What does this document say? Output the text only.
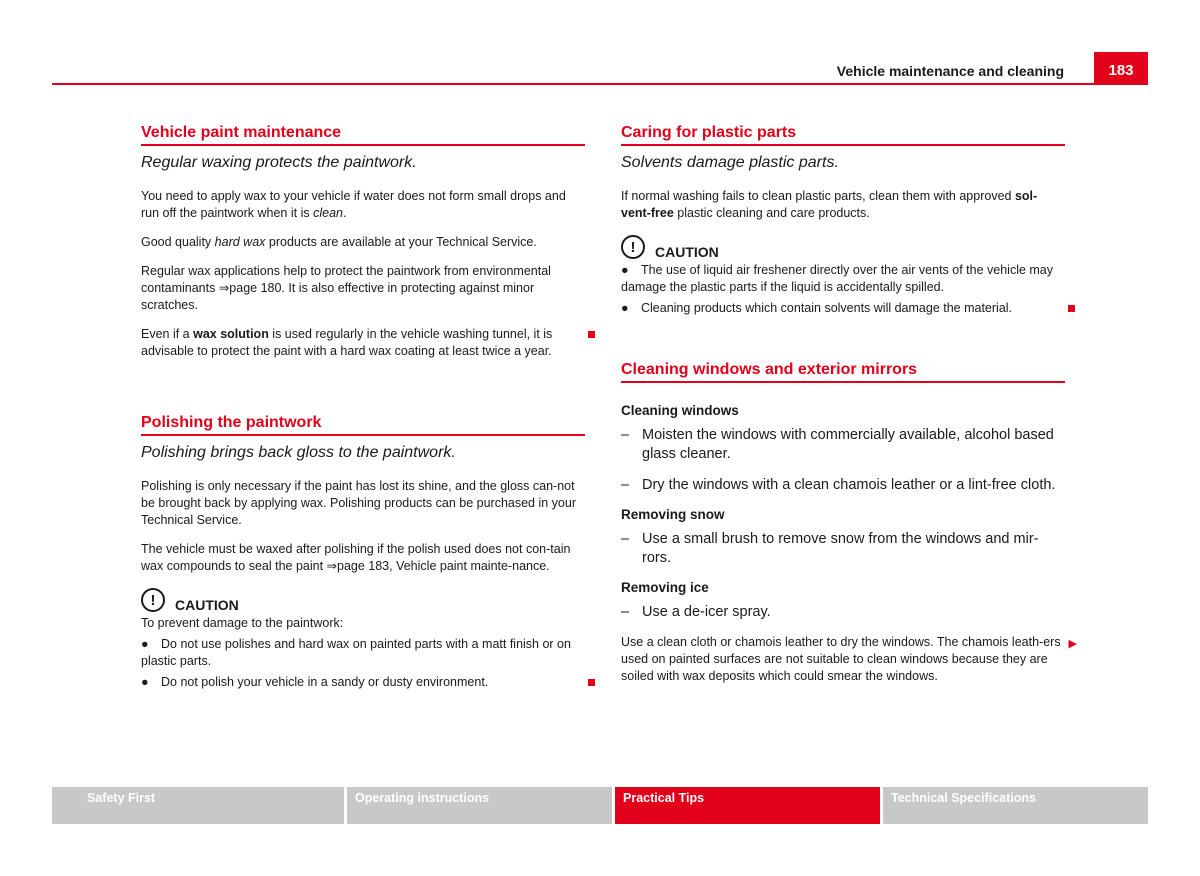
Vehicle maintenance and cleaning	183
Vehicle paint maintenance
Regular waxing protects the paintwork.

You need to apply wax to your vehicle if water does not form small drops and run off the paintwork when it is clean.

Good quality hard wax products are available at your Technical Service.

Regular wax applications help to protect the paintwork from environmental contaminants ⇒page 180. It is also effective in protecting against minor scratches.

Even if a wax solution is used regularly in the vehicle washing tunnel, it is advisable to protect the paint with a hard wax coating at least twice a year.

Polishing the paintwork
Polishing brings back gloss to the paintwork.

Polishing is only necessary if the paint has lost its shine, and the gloss can-not be brought back by applying wax. Polishing products can be purchased in your Technical Service.

The vehicle must be waxed after polishing if the polish used does not con-tain wax compounds to seal the paint ⇒page 183, Vehicle paint mainte-nance.

!	CAUTION

To prevent damage to the paintwork:

● Do not use polishes and hard wax on painted parts with a matt finish or on plastic parts.

● Do not polish your vehicle in a sandy or dusty environment.

Caring for plastic parts
Solvents damage plastic parts.

If normal washing fails to clean plastic parts, clean them with approved sol-vent-free plastic cleaning and care products.

!	CAUTION

● The use of liquid air freshener directly over the air vents of the vehicle may damage the plastic parts if the liquid is accidentally spilled.

● Cleaning products which contain solvents will damage the material.

Cleaning windows and exterior mirrors
Cleaning windows
– Moisten the windows with commercially available, alcohol based glass cleaner.
– Dry the windows with a clean chamois leather or a lint-free cloth.
Removing snow
– Use a small brush to remove snow from the windows and mir-rors.
Removing ice
– Use a de-icer spray.

▶
Use a clean cloth or chamois leather to dry the windows. The chamois leath-ers used on painted surfaces are not suitable to clean windows because they are soiled with wax deposits which could smear the windows.

Safety First	Operating instructions	Practical Tips	Technical Specifications
